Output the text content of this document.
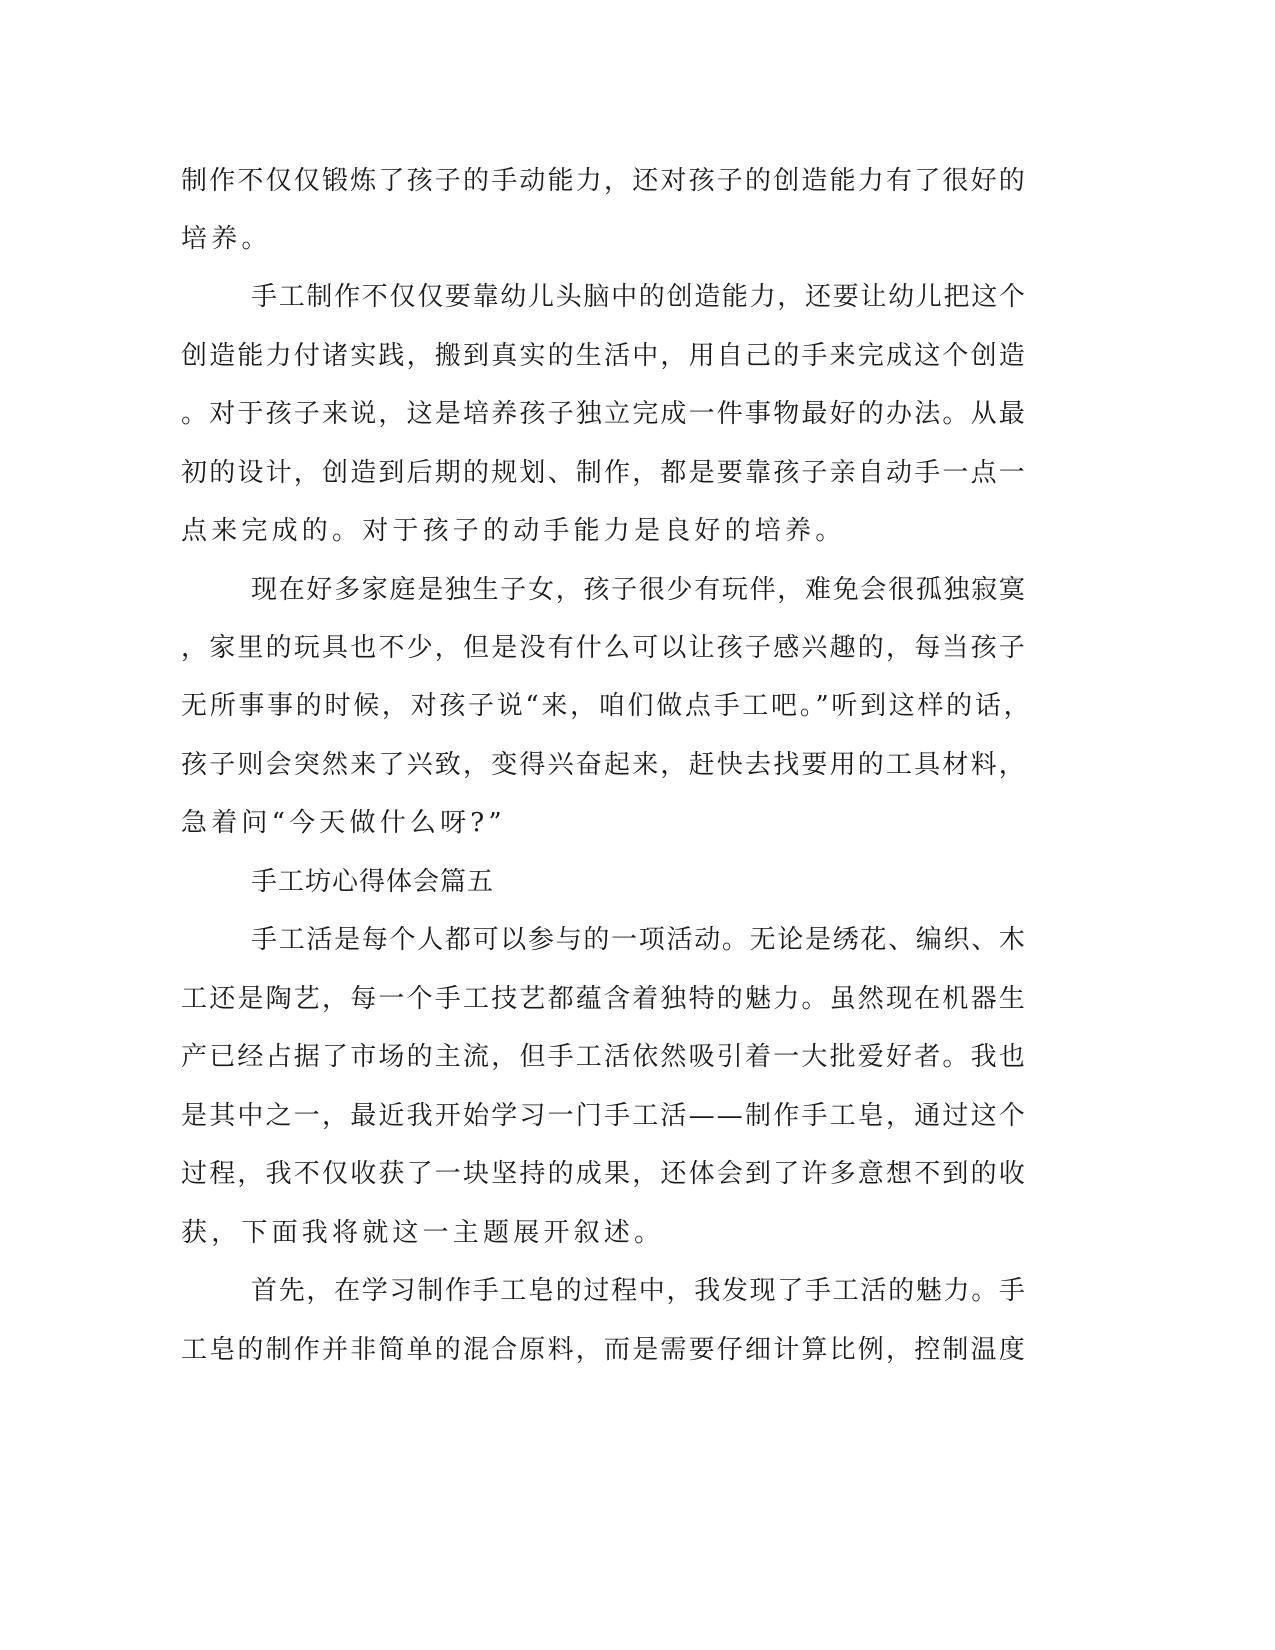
制作不仅仅锻炼了孩子的手动能力，还对孩子的创造能力有了很好的
培养。
手工制作不仅仅要靠幼儿头脑中的创造能力，还要让幼儿把这个
创造能力付诸实践，搬到真实的生活中，用自己的手来完成这个创造
。对于孩子来说，这是培养孩子独立完成一件事物最好的办法。从最
初的设计，创造到后期的规划、制作，都是要靠孩子亲自动手一点一
点来完成的。对于孩子的动手能力是良好的培养。
现在好多家庭是独生子女，孩子很少有玩伴，难免会很孤独寂寞
，家里的玩具也不少，但是没有什么可以让孩子感兴趣的，每当孩子
无所事事的时候，对孩子说“来，咱们做点手工吧。”听到这样的话，
孩子则会突然来了兴致，变得兴奋起来，赶快去找要用的工具材料，
急着问“今天做什么呀?”
手工坊心得体会篇五
手工活是每个人都可以参与的一项活动。无论是绣花、编织、木
工还是陶艺，每一个手工技艺都蕴含着独特的魅力。虽然现在机器生
产已经占据了市场的主流，但手工活依然吸引着一大批爱好者。我也
是其中之一，最近我开始学习一门手工活——制作手工皂，通过这个
过程，我不仅收获了一块坚持的成果，还体会到了许多意想不到的收
获，下面我将就这一主题展开叙述。
首先，在学习制作手工皂的过程中，我发现了手工活的魅力。手
工皂的制作并非简单的混合原料，而是需要仔细计算比例，控制温度
